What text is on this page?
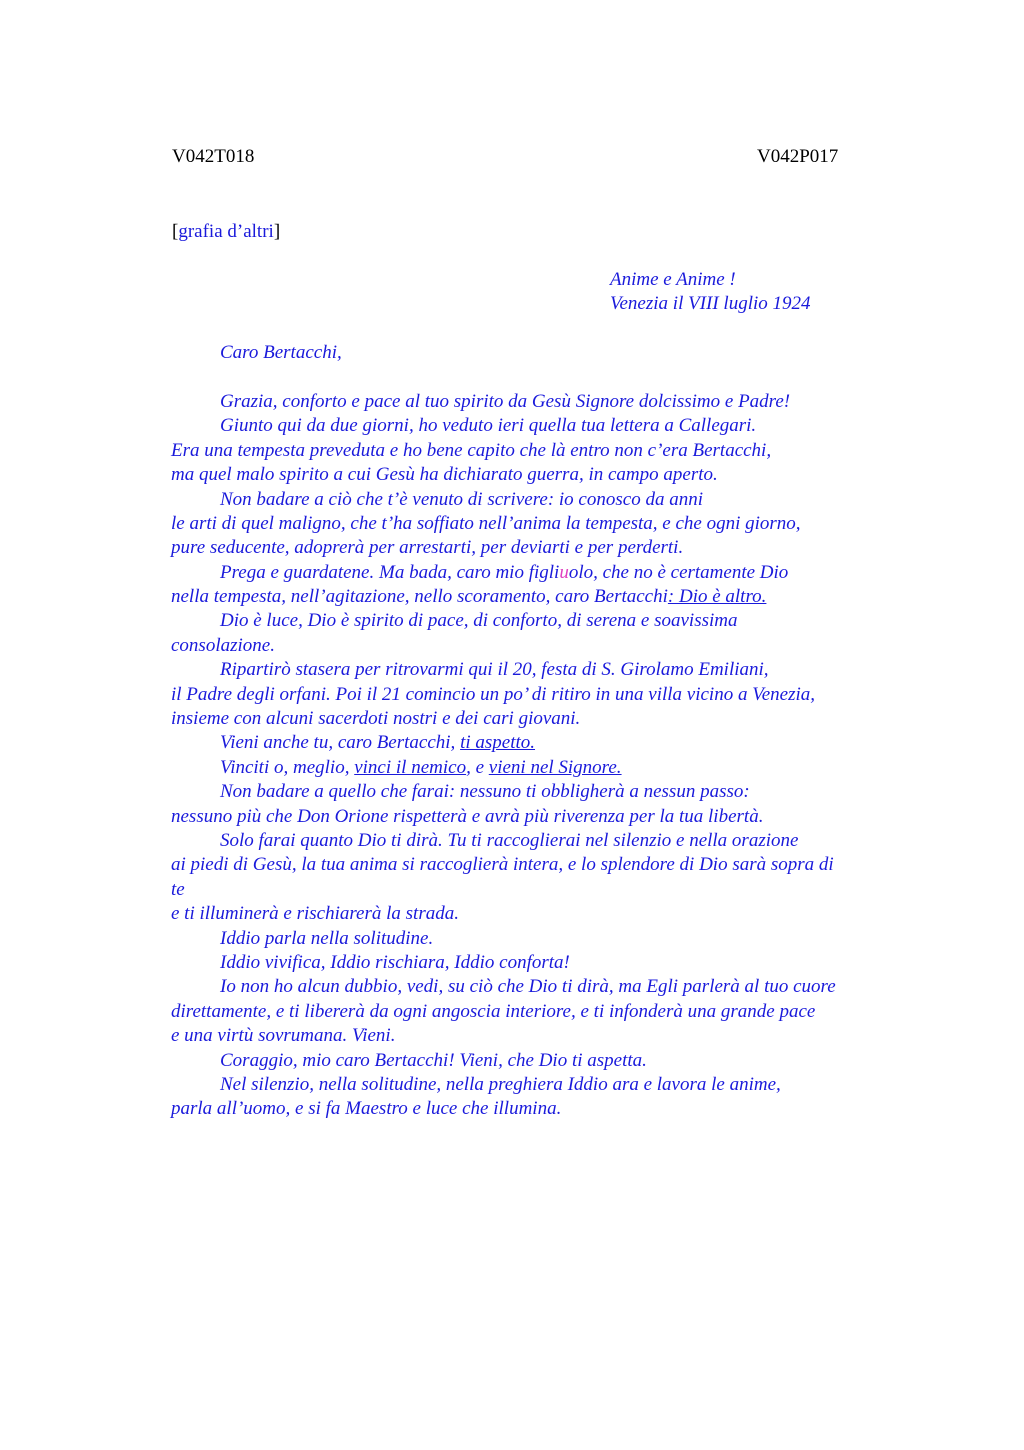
V042T018	V042P017
[grafia d’altri]
Anime e Anime !
Venezia il VIII luglio 1924
Caro Bertacchi,
Grazia, conforto e pace al tuo spirito da Gesù Signore dolcissimo e Padre!
Giunto qui da due giorni, ho veduto ieri quella tua lettera a Callegari.
Era una tempesta preveduta e ho bene capito che là entro non c’era Bertacchi,
ma quel malo spirito a cui Gesù ha dichiarato guerra, in campo aperto.
Non badare a ciò che t’è venuto di scrivere: io conosco da anni
le arti di quel maligno, che t’ha soffiato nell’anima la tempesta, e che ogni giorno,
pure seducente, adoprerà per arrestarti, per deviarti e per perderti.
Prega e guardatene. Ma bada, caro mio figliuolo, che no è certamente Dio
nella tempesta, nell’agitazione, nello scoramento, caro Bertacchi: Dio è altro.
Dio è luce, Dio è spirito di pace, di conforto, di serena e soavissima
consolazione.
Ripartirò stasera per ritrovarmi qui il 20, festa di S. Girolamo Emiliani,
il Padre degli orfani. Poi il 21 comincio un po’ di ritiro in una villa vicino a Venezia,
insieme con alcuni sacerdoti nostri e dei cari giovani.
Vieni anche tu, caro Bertacchi, ti aspetto.
Vinciti o, meglio, vinci il nemico, e vieni nel Signore.
Non badare a quello che farai: nessuno ti obbligherà a nessun passo:
nessuno più che Don Orione rispetterà e avrà più riverenza per la tua libertà.
Solo farai quanto Dio ti dirà. Tu ti raccoglierai nel silenzio e nella orazione
ai piedi di Gesù, la tua anima si raccoglierà intera, e lo splendore di Dio sarà sopra di
te
e ti illuminerà e rischiarerà la strada.
Iddio parla nella solitudine.
Iddio vivifica, Iddio rischiara, Iddio conforta!
Io non ho alcun dubbio, vedi, su ciò che Dio ti dirà, ma Egli parlerà al tuo cuore
direttamente, e ti libererà da ogni angoscia interiore, e ti infonderà una grande pace
e una virtù sovrumana. Vieni.
Coraggio, mio caro Bertacchi! Vieni, che Dio ti aspetta.
Nel silenzio, nella solitudine, nella preghiera Iddio ara e lavora le anime,
parla all’uomo, e si fa Maestro e luce che illumina.
